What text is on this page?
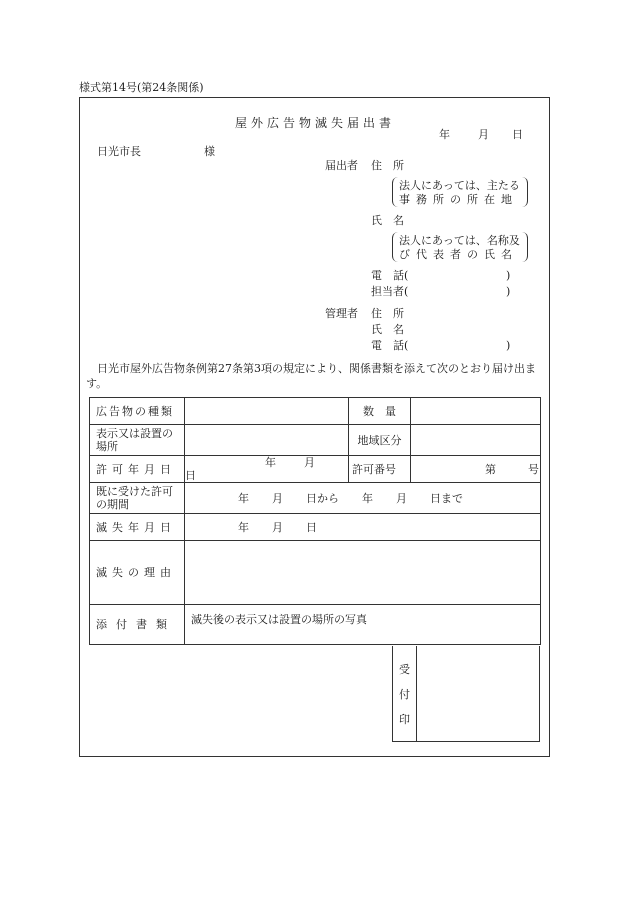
様式第14号(第24条関係)
屋外広告物滅失届出書
年	月 日
日光市長	様
届出者 住　所
法人にあっては、主たる
事務所の所在地
氏　名
法人にあっては、名称及
び代表者の氏名
電　話(	)
担当者(	)
管理者 住　所
氏　名
電　話(	)
日光市屋外広告物条例第27条第3項の規定により、関係書類を添えて次のとおり届け出ます。
広告物の種類		数　量	
表示又は設置の場所		地域区分	
許可年月日	年 月日	許可番号	第 号
既に受けた許可の期間	年 月 日から 年 月 日まで		
滅失年月日	年 月 日		
滅失の理由			
添付書類	滅失後の表示又は設置の場所の写真		
受
付
印
